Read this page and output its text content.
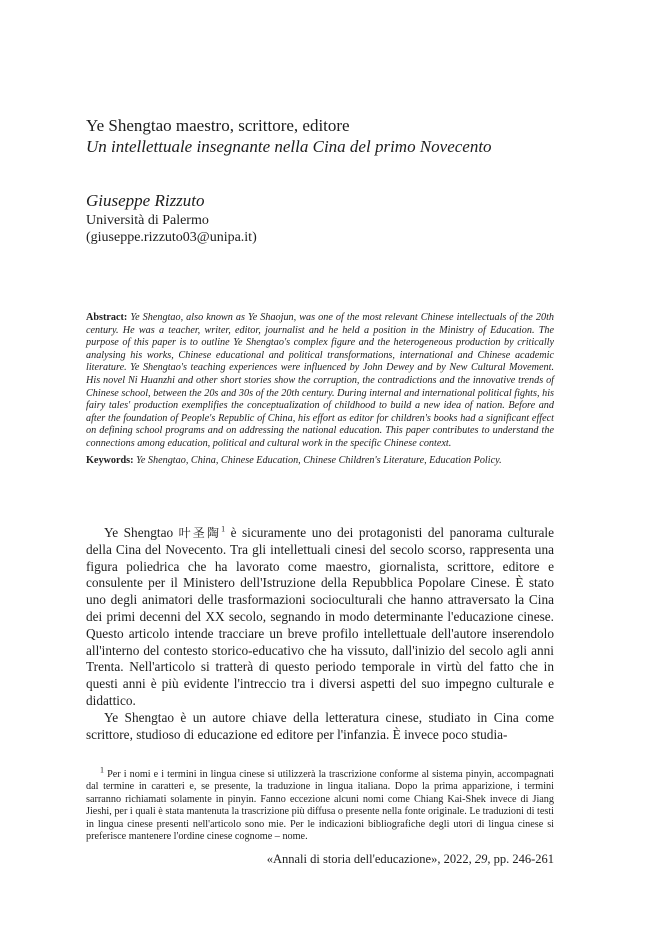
Ye Shengtao maestro, scrittore, editore
Un intellettuale insegnante nella Cina del primo Novecento
Giuseppe Rizzuto
Università di Palermo
(giuseppe.rizzuto03@unipa.it)

Abstract: Ye Shengtao, also known as Ye Shaojun, was one of the most relevant Chinese intellectuals of the 20th century. He was a teacher, writer, editor, journalist and he held a position in the Ministry of Education. The purpose of this paper is to outline Ye Shengtao's complex figure and the heterogeneous production by critically analysing his works, Chinese educational and political transformations, international and Chinese academic literature. Ye Shengtao's teaching experiences were influenced by John Dewey and by New Cultural Movement. His novel Ni Huanzhi and other short stories show the corruption, the contradictions and the innovative trends of Chinese school, between the 20s and 30s of the 20th century. During internal and international political fights, his fairy tales' production exemplifies the conceptualization of childhood to build a new idea of nation. Before and after the foundation of People's Republic of China, his effort as editor for children's books had a significant effect on defining school programs and on addressing the national education. This paper contributes to understand the connections among education, political and cultural work in the specific Chinese context.

Keywords: Ye Shengtao, China, Chinese Education, Chinese Children's Literature, Education Policy.

Ye Shengtao 叶圣陶$^1$ è sicuramente uno dei protagonisti del panorama culturale della Cina del Novecento. Tra gli intellettuali cinesi del secolo scorso, rappresenta una figura poliedrica che ha lavorato come maestro, giornalista, scrittore, editore e consulente per il Ministero dell'Istruzione della Repubblica Popolare Cinese. È stato uno degli animatori delle trasformazioni socioculturali che hanno attraversato la Cina dei primi decenni del XX secolo, segnando in modo determinante l'educazione cinese. Questo articolo intende tracciare un breve profilo intellettuale dell'autore inserendolo all'interno del contesto storico-educativo che ha vissuto, dall'inizio del secolo agli anni Trenta. Nell'articolo si tratterà di questo periodo temporale in virtù del fatto che in questi anni è più evidente l'intreccio tra i diversi aspetti del suo impegno culturale e didattico.

Ye Shengtao è un autore chiave della letteratura cinese, studiato in Cina come scrittore, studioso di educazione ed editore per l'infanzia. È invece poco studia-

$^1$ Per i nomi e i termini in lingua cinese si utilizzerà la trascrizione conforme al sistema pinyin, accompagnati dal termine in caratteri e, se presente, la traduzione in lingua italiana. Dopo la prima apparizione, i termini sarranno richiamati solamente in pinyin. Fanno eccezione alcuni nomi come Chiang Kai-Shek invece di Jiang Jieshi, per i quali è stata mantenuta la trascrizione più diffusa o presente nella fonte originale. Le traduzioni di testi in lingua cinese presenti nell'articolo sono mie. Per le indicazioni bibliografiche degli utori di lingua cinese si preferisce mantenere l'ordine cinese cognome – nome.

«Annali di storia dell'educazione», 2022, 29, pp. 246-261
